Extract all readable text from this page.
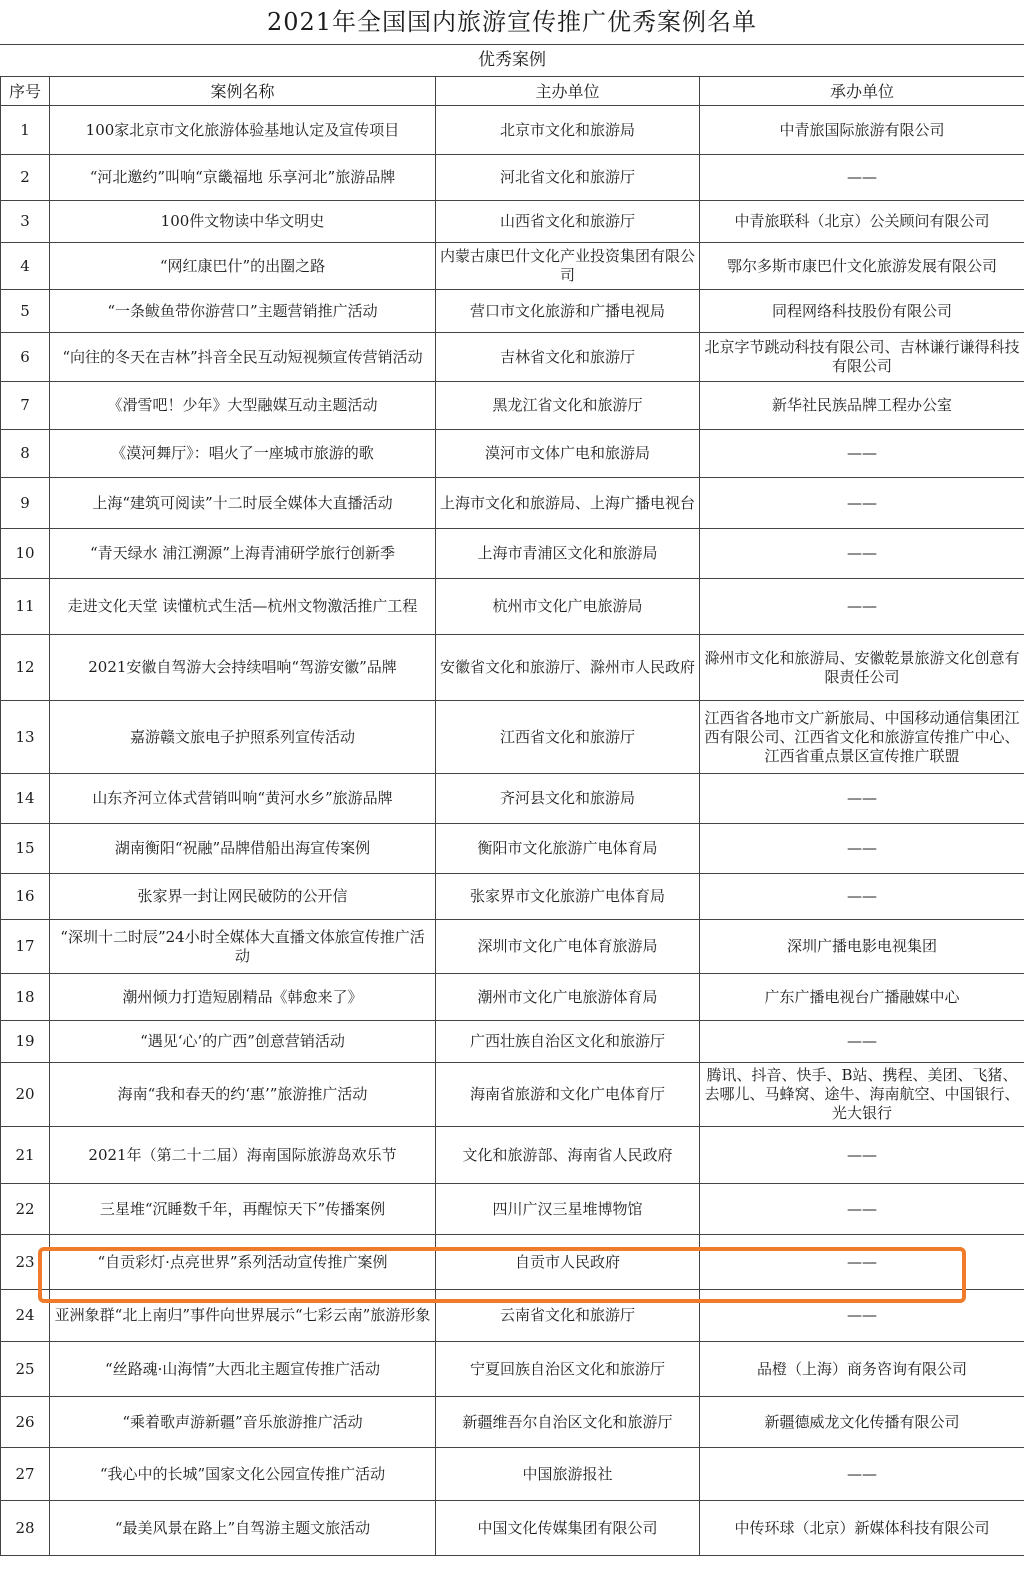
2021年全国国内旅游宣传推广优秀案例名单
优秀案例
序号	案例名称	主办单位	承办单位
1	100家北京市文化旅游体验基地认定及宣传项目	北京市文化和旅游局	中青旅国际旅游有限公司
2	“河北邀约”叫响“京畿福地 乐享河北”旅游品牌	河北省文化和旅游厅	——
3	100件文物读中华文明史	山西省文化和旅游厅	中青旅联科（北京）公关顾问有限公司
4	“网红康巴什”的出圈之路	内蒙古康巴什文化产业投资集团有限公司	鄂尔多斯市康巴什文化旅游发展有限公司
5	“一条鲅鱼带你游营口”主题营销推广活动	营口市文化旅游和广播电视局	同程网络科技股份有限公司
6	“向往的冬天在吉林”抖音全民互动短视频宣传营销活动	吉林省文化和旅游厅	北京字节跳动科技有限公司、吉林谦行谦得科技有限公司
7	《滑雪吧！少年》大型融媒互动主题活动	黑龙江省文化和旅游厅	新华社民族品牌工程办公室
8	《漠河舞厅》：唱火了一座城市旅游的歌	漠河市文体广电和旅游局	——
9	上海“建筑可阅读”十二时辰全媒体大直播活动	上海市文化和旅游局、上海广播电视台	——
10	“青天绿水 浦江溯源”上海青浦研学旅行创新季	上海市青浦区文化和旅游局	——
11	走进文化天堂 读懂杭式生活—杭州文物激活推广工程	杭州市文化广电旅游局	——
12	2021安徽自驾游大会持续唱响“驾游安徽”品牌	安徽省文化和旅游厅、滁州市人民政府	滁州市文化和旅游局、安徽乾景旅游文化创意有限责任公司
13	嘉游赣文旅电子护照系列宣传活动	江西省文化和旅游厅	江西省各地市文广新旅局、中国移动通信集团江西有限公司、江西省文化和旅游宣传推广中心、江西省重点景区宣传推广联盟
14	山东齐河立体式营销叫响“黄河水乡”旅游品牌	齐河县文化和旅游局	——
15	湖南衡阳“祝融”品牌借船出海宣传案例	衡阳市文化旅游广电体育局	——
16	张家界一封让网民破防的公开信	张家界市文化旅游广电体育局	——
17	“深圳十二时辰”24小时全媒体大直播文体旅宣传推广活动	深圳市文化广电体育旅游局	深圳广播电影电视集团
18	潮州倾力打造短剧精品《韩愈来了》	潮州市文化广电旅游体育局	广东广播电视台广播融媒中心
19	“遇见‘心’的广西”创意营销活动	广西壮族自治区文化和旅游厅	——
20	海南“我和春天的约‘惠’”旅游推广活动	海南省旅游和文化广电体育厅	腾讯、抖音、快手、B站、携程、美团、飞猪、去哪儿、马蜂窝、途牛、海南航空、中国银行、光大银行
21	2021年（第二十二届）海南国际旅游岛欢乐节	文化和旅游部、海南省人民政府	——
22	三星堆“沉睡数千年，再醒惊天下”传播案例	四川广汉三星堆博物馆	——
23	“自贡彩灯·点亮世界”系列活动宣传推广案例	自贡市人民政府	——
24	亚洲象群“北上南归”事件向世界展示“七彩云南”旅游形象	云南省文化和旅游厅	——
25	“丝路魂·山海情”大西北主题宣传推广活动	宁夏回族自治区文化和旅游厅	品橙（上海）商务咨询有限公司
26	“乘着歌声游新疆”音乐旅游推广活动	新疆维吾尔自治区文化和旅游厅	新疆德威龙文化传播有限公司
27	“我心中的长城”国家文化公园宣传推广活动	中国旅游报社	——
28	“最美风景在路上”自驾游主题文旅活动	中国文化传媒集团有限公司	中传环球（北京）新媒体科技有限公司
